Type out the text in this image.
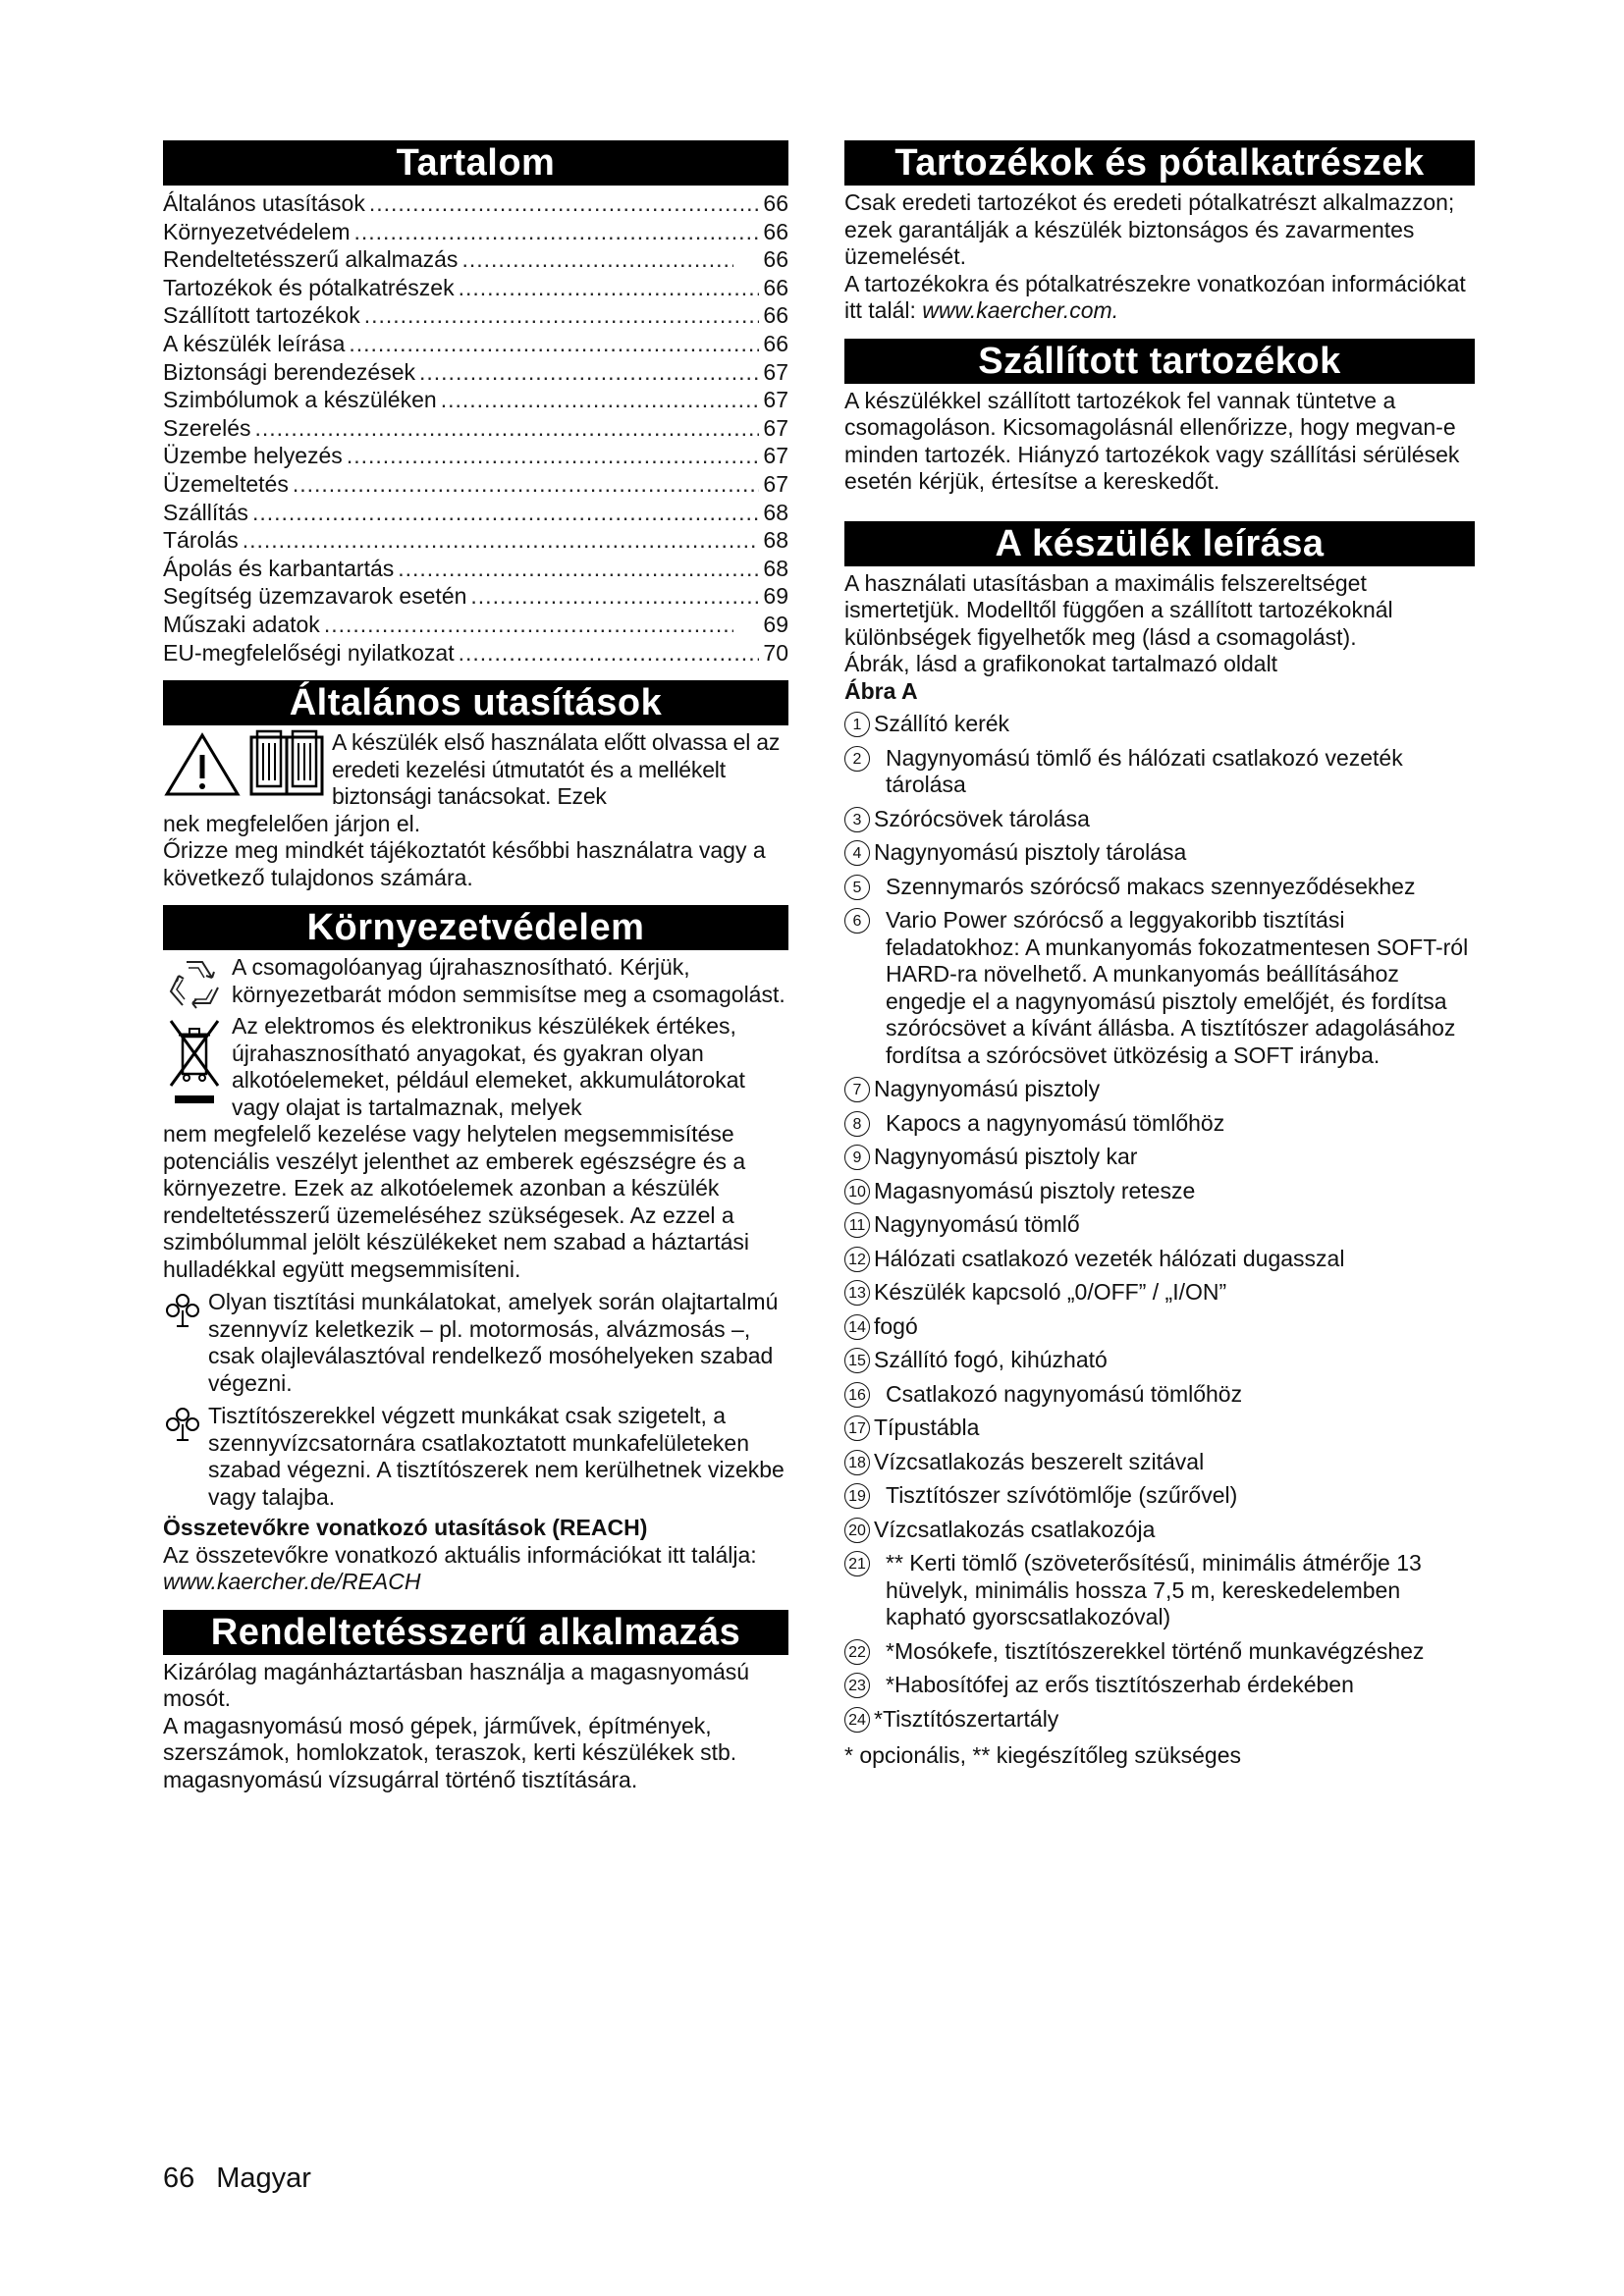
Tartalom
Általános utasítások .....	66
Környezetvédelem .....	66
Rendeltetésszerű alkalmazás .....	66
Tartozékok és pótalkatrészek .....	66
Szállított tartozékok .....	66
A készülék leírása .....	66
Biztonsági berendezések .....	67
Szimbólumok a készüléken .....	67
Szerelés .....	67
Üzembe helyezés .....	67
Üzemeltetés .....	67
Szállítás .....	68
Tárolás .....	68
Ápolás és karbantartás .....	68
Segítség üzemzavarok esetén .....	69
Műszaki adatok .....	69
EU-megfelelőségi nyilatkozat .....	70
Általános utasítások

A készülék első használata előtt olvassa el az eredeti kezelési útmutatót és a mellékelt biztonsági tanácsokat. Ezek

nek megfelelően járjon el.

Őrizze meg mindkét tájékoztatót későbbi használatra vagy a következő tulajdonos számára.

Környezetvédelem

A csomagolóanyag újrahasznosítható. Kérjük, környezetbarát módon semmisítse meg a csomagolást.

Az elektromos és elektronikus készülékek értékes, újrahasznosítható anyagokat, és gyakran olyan alkotóelemeket, például elemeket, akkumulátorokat vagy olajat is tartalmaznak, melyek

nem megfelelő kezelése vagy helytelen megsemmisítése potenciális veszélyt jelenthet az emberek egészségre és a környezetre. Ezek az alkotóelemek azonban a készülék rendeltetésszerű üzemeléséhez szükségesek. Az ezzel a szimbólummal jelölt készülékeket nem szabad a háztartási hulladékkal együtt megsemmisíteni.

Olyan tisztítási munkálatokat, amelyek során olajtartalmú szennyvíz keletkezik – pl. motormosás, alvázmosás –, csak olajleválasztóval rendelkező mosóhelyeken szabad végezni.

Tisztítószerekkel végzett munkákat csak szigetelt, a szennyvízcsatornára csatlakoztatott munkafelületeken szabad végezni. A tisztítószerek nem kerülhetnek vizekbe vagy talajba.

Összetevőkre vonatkozó utasítások (REACH)

Az összetevőkre vonatkozó aktuális információkat itt találja: www.kaercher.de/REACH

Rendeltetésszerű alkalmazás

Kizárólag magánháztartásban használja a magasnyomású mosót.

A magasnyomású mosó gépek, járművek, építmények, szerszámok, homlokzatok, teraszok, kerti készülékek stb. magasnyomású vízsugárral történő tisztítására.

Tartozékok és pótalkatrészek

Csak eredeti tartozékot és eredeti pótalkatrészt alkalmazzon; ezek garantálják a készülék biztonságos és zavarmentes üzemelését.

A tartozékokra és pótalkatrészekre vonatkozóan információkat itt talál: www.kaercher.com.

Szállított tartozékok

A készülékkel szállított tartozékok fel vannak tüntetve a csomagoláson. Kicsomagolásnál ellenőrizze, hogy megvan-e minden tartozék. Hiányzó tartozékok vagy szállítási sérülések esetén kérjük, értesítse a kereskedőt.

A készülék leírása

A használati utasításban a maximális felszereltséget ismertetjük. Modelltől függően a szállított tartozékoknál különbségek figyelhetők meg (lásd a csomagolást).

Ábrák, lásd a grafikonokat tartalmazó oldalt

Ábra A

1 Szállító kerék
2	Nagynyomású tömlő és hálózati csatlakozó vezeték tárolása
3 Szórócsövek tárolása
4 Nagynyomású pisztoly tárolása
5	Szennymarós szórócső makacs szennyeződésekhez
6	Vario Power szórócső a leggyakoribb tisztítási feladatokhoz: A munkanyomás fokozatmentesen SOFT-ról HARD-ra növelhető. A munkanyomás beállításához engedje el a nagynyomású pisztoly emelőjét, és fordítsa szórócsövet a kívánt állásba. A tisztítószer adagolásához fordítsa a szórócsövet ütközésig a SOFT irányba.
7 Nagynyomású pisztoly
8	Kapocs a nagynyomású tömlőhöz
9 Nagynyomású pisztoly kar
10 Magasnyomású pisztoly retesze
11 Nagynyomású tömlő
12 Hálózati csatlakozó vezeték hálózati dugasszal
13 Készülék kapcsoló „0/OFF” / „I/ON”
14 fogó
15 Szállító fogó, kihúzható
16 Csatlakozó nagynyomású tömlőhöz
17 Típustábla
18 Vízcsatlakozás beszerelt szitával
19 Tisztítószer szívótömlője (szűrővel)
20 Vízcsatlakozás csatlakozója
21 ** Kerti tömlő (szöveterősítésű, minimális átmérője 13 hüvelyk, minimális hossza 7,5 m, kereskedelemben kapható gyorscsatlakozóval)
22 *Mosókefe, tisztítószerekkel történő munkavégzéshez
23 *Habosítófej az erős tisztítószerhab érdekében
24 *Tisztítószertartály

* opcionális, ** kiegészítőleg szükséges

66 Magyar
